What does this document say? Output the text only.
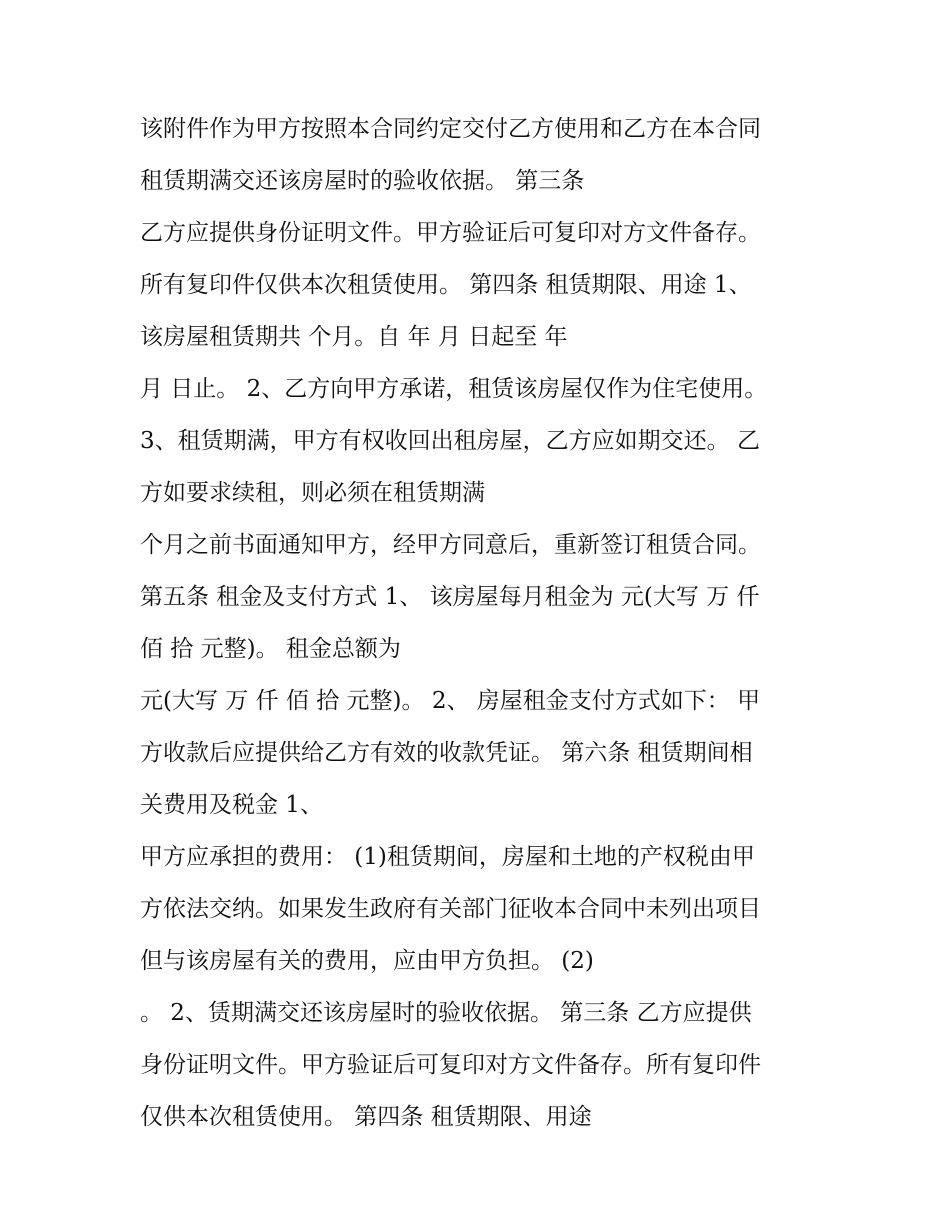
该附件作为甲方按照本合同约定交付乙方使用和乙方在本合同
租赁期满交还该房屋时的验收依据。 第三条
乙方应提供身份证明文件。甲方验证后可复印对方文件备存。
所有复印件仅供本次租赁使用。 第四条 租赁期限、用途 1、
该房屋租赁期共 个月。自 年 月 日起至 年
月 日止。 2、乙方向甲方承诺，租赁该房屋仅作为住宅使用。
3、租赁期满，甲方有权收回出租房屋，乙方应如期交还。 乙
方如要求续租，则必须在租赁期满
个月之前书面通知甲方，经甲方同意后，重新签订租赁合同。
第五条 租金及支付方式 1、 该房屋每月租金为 元(大写 万 仟
佰 拾 元整)。 租金总额为
元(大写 万 仟 佰 拾 元整)。 2、 房屋租金支付方式如下： 甲
方收款后应提供给乙方有效的收款凭证。 第六条 租赁期间相
关费用及税金 1、
甲方应承担的费用： (1)租赁期间，房屋和土地的产权税由甲
方依法交纳。如果发生政府有关部门征收本合同中未列出项目
但与该房屋有关的费用，应由甲方负担。 (2)
。 2、赁期满交还该房屋时的验收依据。 第三条 乙方应提供
身份证明文件。甲方验证后可复印对方文件备存。所有复印件
仅供本次租赁使用。 第四条 租赁期限、用途
